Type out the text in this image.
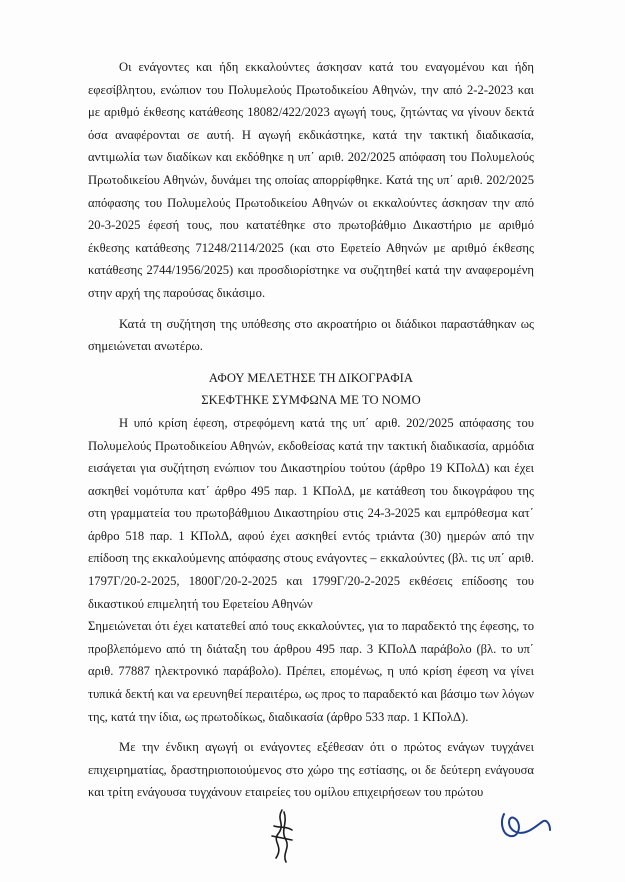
Οι ενάγοντες και ήδη εκκαλούντες άσκησαν κατά του εναγομένου και ήδη εφεσίβλητου, ενώπιον του Πολυμελούς Πρωτοδικείου Αθηνών, την από 2-2-2023 και με αριθμό έκθεσης κατάθεσης 18082/422/2023 αγωγή τους, ζητώντας να γίνουν δεκτά όσα αναφέρονται σε αυτή. Η αγωγή εκδικάστηκε, κατά την τακτική διαδικασία, αντιμωλία των διαδίκων και εκδόθηκε η υπ΄ αριθ. 202/2025 απόφαση του Πολυμελούς Πρωτοδικείου Αθηνών, δυνάμει της οποίας απορρίφθηκε. Κατά της υπ΄ αριθ. 202/2025 απόφασης του Πολυμελούς Πρωτοδικείου Αθηνών οι εκκαλούντες άσκησαν την από 20-3-2025 έφεσή τους, που κατατέθηκε στο πρωτοβάθμιο Δικαστήριο με αριθμό έκθεσης κατάθεσης 71248/2114/2025 (και στο Εφετείο Αθηνών με αριθμό έκθεσης κατάθεσης 2744/1956/2025) και προσδιορίστηκε να συζητηθεί κατά την αναφερομένη στην αρχή της παρούσας δικάσιμο.

Κατά τη συζήτηση της υπόθεσης στο ακροατήριο οι διάδικοι παραστάθηκαν ως σημειώνεται ανωτέρω.

ΑΦΟΥ ΜΕΛΕΤΗΣΕ ΤΗ ΔΙΚΟΓΡΑΦΙΑ

ΣΚΕΦΤΗΚΕ ΣΥΜΦΩΝΑ ΜΕ ΤΟ ΝΟΜΟ

Η υπό κρίση έφεση, στρεφόμενη κατά της υπ΄ αριθ. 202/2025 απόφασης του Πολυμελούς Πρωτοδικείου Αθηνών, εκδοθείσας κατά την τακτική διαδικασία, αρμόδια εισάγεται για συζήτηση ενώπιον του Δικαστηρίου τούτου (άρθρο 19 ΚΠολΔ) και έχει ασκηθεί νομότυπα κατ΄ άρθρο 495 παρ. 1 ΚΠολΔ, με κατάθεση του δικογράφου της στη γραμματεία του πρωτοβάθμιου Δικαστηρίου στις 24-3-2025 και εμπρόθεσμα κατ΄ άρθρο 518 παρ. 1 ΚΠολΔ, αφού έχει ασκηθεί εντός τριάντα (30) ημερών από την επίδοση της εκκαλούμενης απόφασης στους ενάγοντες – εκκαλούντες (βλ. τις υπ΄ αριθ. 1797Γ/20-2-2025, 1800Γ/20-2-2025 και 1799Γ/20-2-2025 εκθέσεις επίδοσης του δικαστικού επιμελητή του Εφετείου Αθηνών

Σημειώνεται ότι έχει κατατεθεί από τους εκκαλούντες, για το παραδεκτό της έφεσης, το προβλεπόμενο από τη διάταξη του άρθρου 495 παρ. 3 ΚΠολΔ παράβολο (βλ. το υπ΄ αριθ. 77887 ηλεκτρονικό παράβολο). Πρέπει, επομένως, η υπό κρίση έφεση να γίνει τυπικά δεκτή και να ερευνηθεί περαιτέρω, ως προς το παραδεκτό και βάσιμο των λόγων της, κατά την ίδια, ως πρωτοδίκως, διαδικασία (άρθρο 533 παρ. 1 ΚΠολΔ).

Με την ένδικη αγωγή οι ενάγοντες εξέθεσαν ότι ο πρώτος ενάγων τυγχάνει επιχειρηματίας, δραστηριοποιούμενος στο χώρο της εστίασης, οι δε δεύτερη ενάγουσα και τρίτη ενάγουσα τυγχάνουν εταιρείες του ομίλου επιχειρήσεων του πρώτου
